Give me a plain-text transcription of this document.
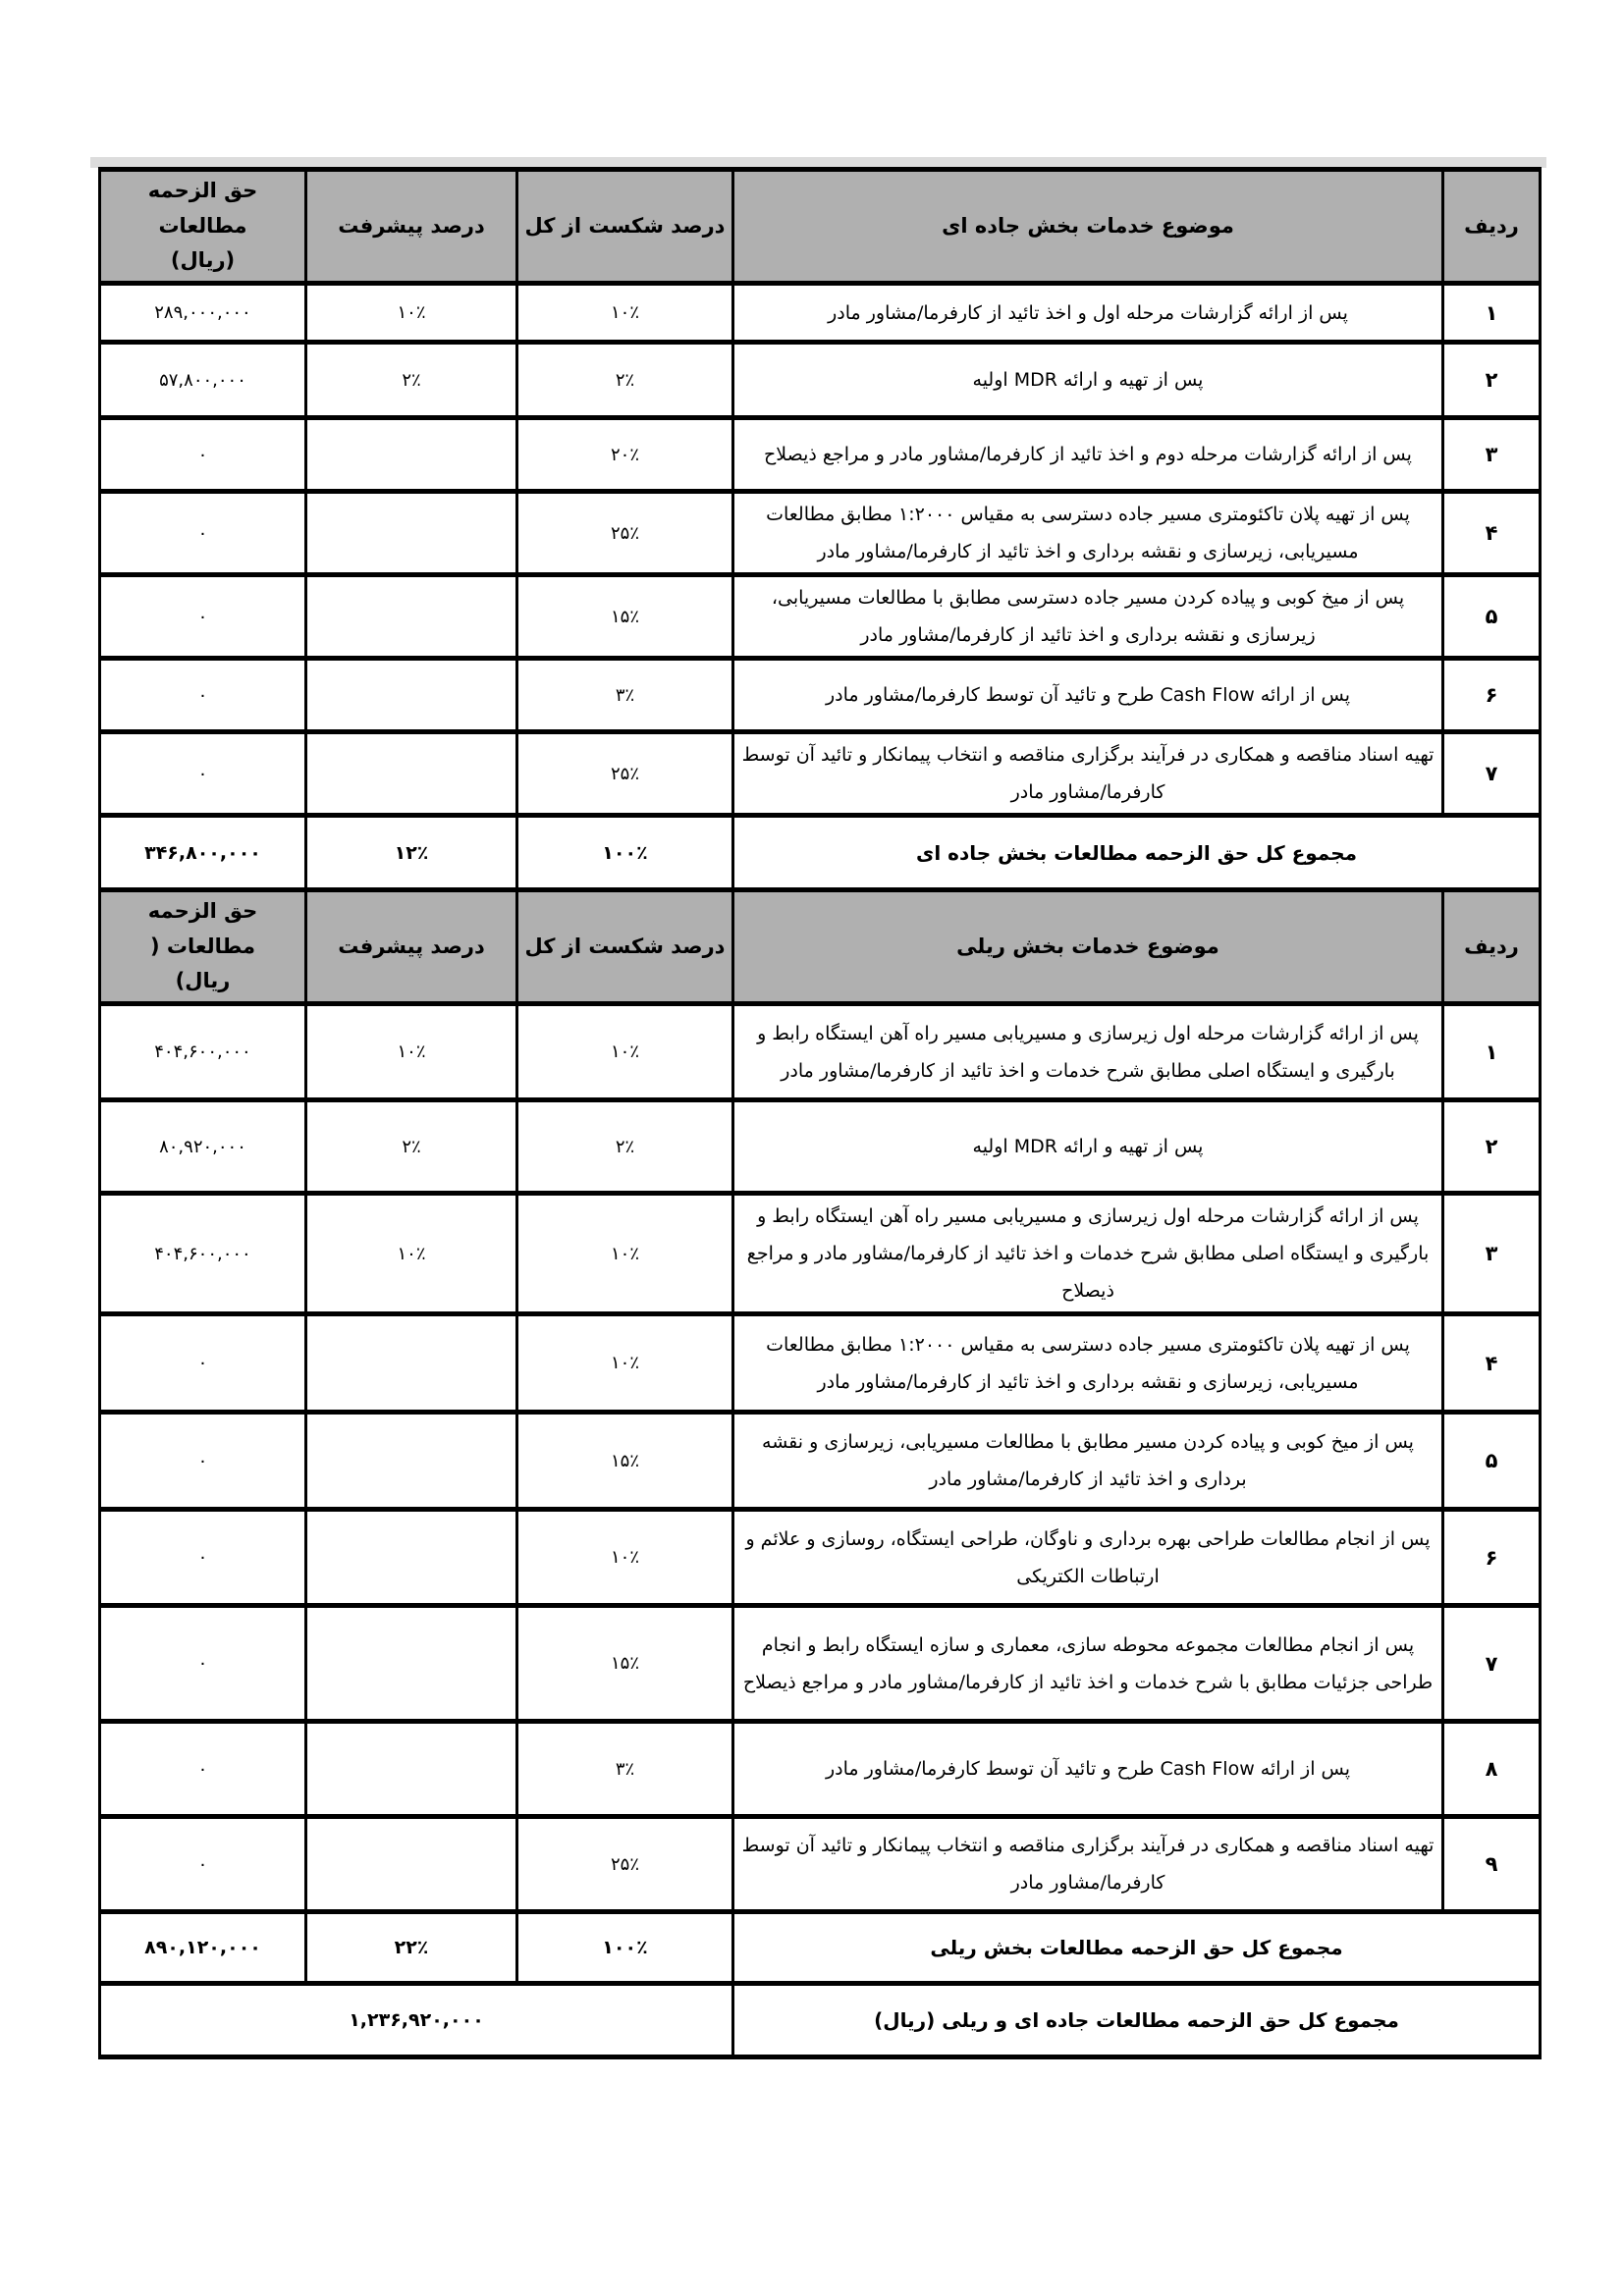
ردیف	موضوع خدمات بخش جاده ای	درصد شکست از کل	درصد پیشرفت	حق الزحمه مطالعات
(ریال)

۱	پس از ارائه گزارشات مرحله اول و اخذ تائید از کارفرما/مشاور مادر	۱۰٪	۱۰٪	۲۸۹,۰۰۰,۰۰۰
۲	پس از تهیه و ارائه MDR اولیه	۲٪	۲٪	۵۷,۸۰۰,۰۰۰
۳	پس از ارائه گزارشات مرحله دوم و اخذ تائید از کارفرما/مشاور مادر و مراجع ذیصلاح	۲۰٪		۰
۴	پس از تهیه پلان تاکئومتری مسیر جاده دسترسی به مقیاس ۱:۲۰۰۰ مطابق مطالعات مسیریابی، زیرسازی و نقشه برداری و اخذ تائید از کارفرما/مشاور مادر	۲۵٪		۰
۵	پس از میخ کوبی و پیاده کردن مسیر جاده دسترسی مطابق با مطالعات مسیریابی، زیرسازی و نقشه برداری و اخذ تائید از کارفرما/مشاور مادر	۱۵٪		۰
۶	پس از ارائه Cash Flow طرح و تائید آن توسط کارفرما/مشاور مادر	۳٪		۰
۷	تهیه اسناد مناقصه و همکاری در فرآیند برگزاری مناقصه و انتخاب پیمانکار و تائید آن توسط کارفرما/مشاور مادر	۲۵٪		۰
مجموع کل حق الزحمه مطالعات بخش جاده ای		۱۰۰٪	۱۲٪	۳۴۶,۸۰۰,۰۰۰
ردیف	موضوع خدمات بخش ریلی	درصد شکست از کل	درصد پیشرفت	حق الزحمه مطالعات (
ریال)

۱	پس از ارائه گزارشات مرحله اول زیرسازی و مسیریابی مسیر راه آهن ایستگاه رابط و بارگیری و ایستگاه اصلی مطابق شرح خدمات و اخذ تائید از کارفرما/مشاور مادر	۱۰٪	۱۰٪	۴۰۴,۶۰۰,۰۰۰
۲	پس از تهیه و ارائه MDR اولیه	۲٪	۲٪	۸۰,۹۲۰,۰۰۰
۳	پس از ارائه گزارشات مرحله اول زیرسازی و مسیریابی مسیر راه آهن ایستگاه رابط و بارگیری و ایستگاه اصلی مطابق شرح خدمات و اخذ تائید از کارفرما/مشاور مادر و مراجع ذیصلاح	۱۰٪	۱۰٪	۴۰۴,۶۰۰,۰۰۰
۴	پس از تهیه پلان تاکئومتری مسیر جاده دسترسی به مقیاس ۱:۲۰۰۰ مطابق مطالعات مسیریابی، زیرسازی و نقشه برداری و اخذ تائید از کارفرما/مشاور مادر	۱۰٪		۰
۵	پس از میخ کوبی و پیاده کردن مسیر مطابق با مطالعات مسیریابی، زیرسازی و نقشه برداری و اخذ تائید از کارفرما/مشاور مادر	۱۵٪		۰
۶	پس از انجام مطالعات طراحی بهره برداری و ناوگان، طراحی ایستگاه، روسازی و علائم و ارتباطات الکتریکی	۱۰٪		۰
۷	پس از انجام مطالعات مجموعه محوطه سازی، معماری و سازه ایستگاه رابط و انجام طراحی جزئیات مطابق با شرح خدمات و اخذ تائید از کارفرما/مشاور مادر و مراجع ذیصلاح	۱۵٪		۰
۸	پس از ارائه Cash Flow طرح و تائید آن توسط کارفرما/مشاور مادر	۳٪		۰
۹	تهیه اسناد مناقصه و همکاری در فرآیند برگزاری مناقصه و انتخاب پیمانکار و تائید آن توسط کارفرما/مشاور مادر	۲۵٪		۰
مجموع کل حق الزحمه مطالعات بخش ریلی		۱۰۰٪	۲۲٪	۸۹۰,۱۲۰,۰۰۰
مجموع کل حق الزحمه مطالعات جاده ای و ریلی (ریال)		۱,۲۳۶,۹۲۰,۰۰۰		
